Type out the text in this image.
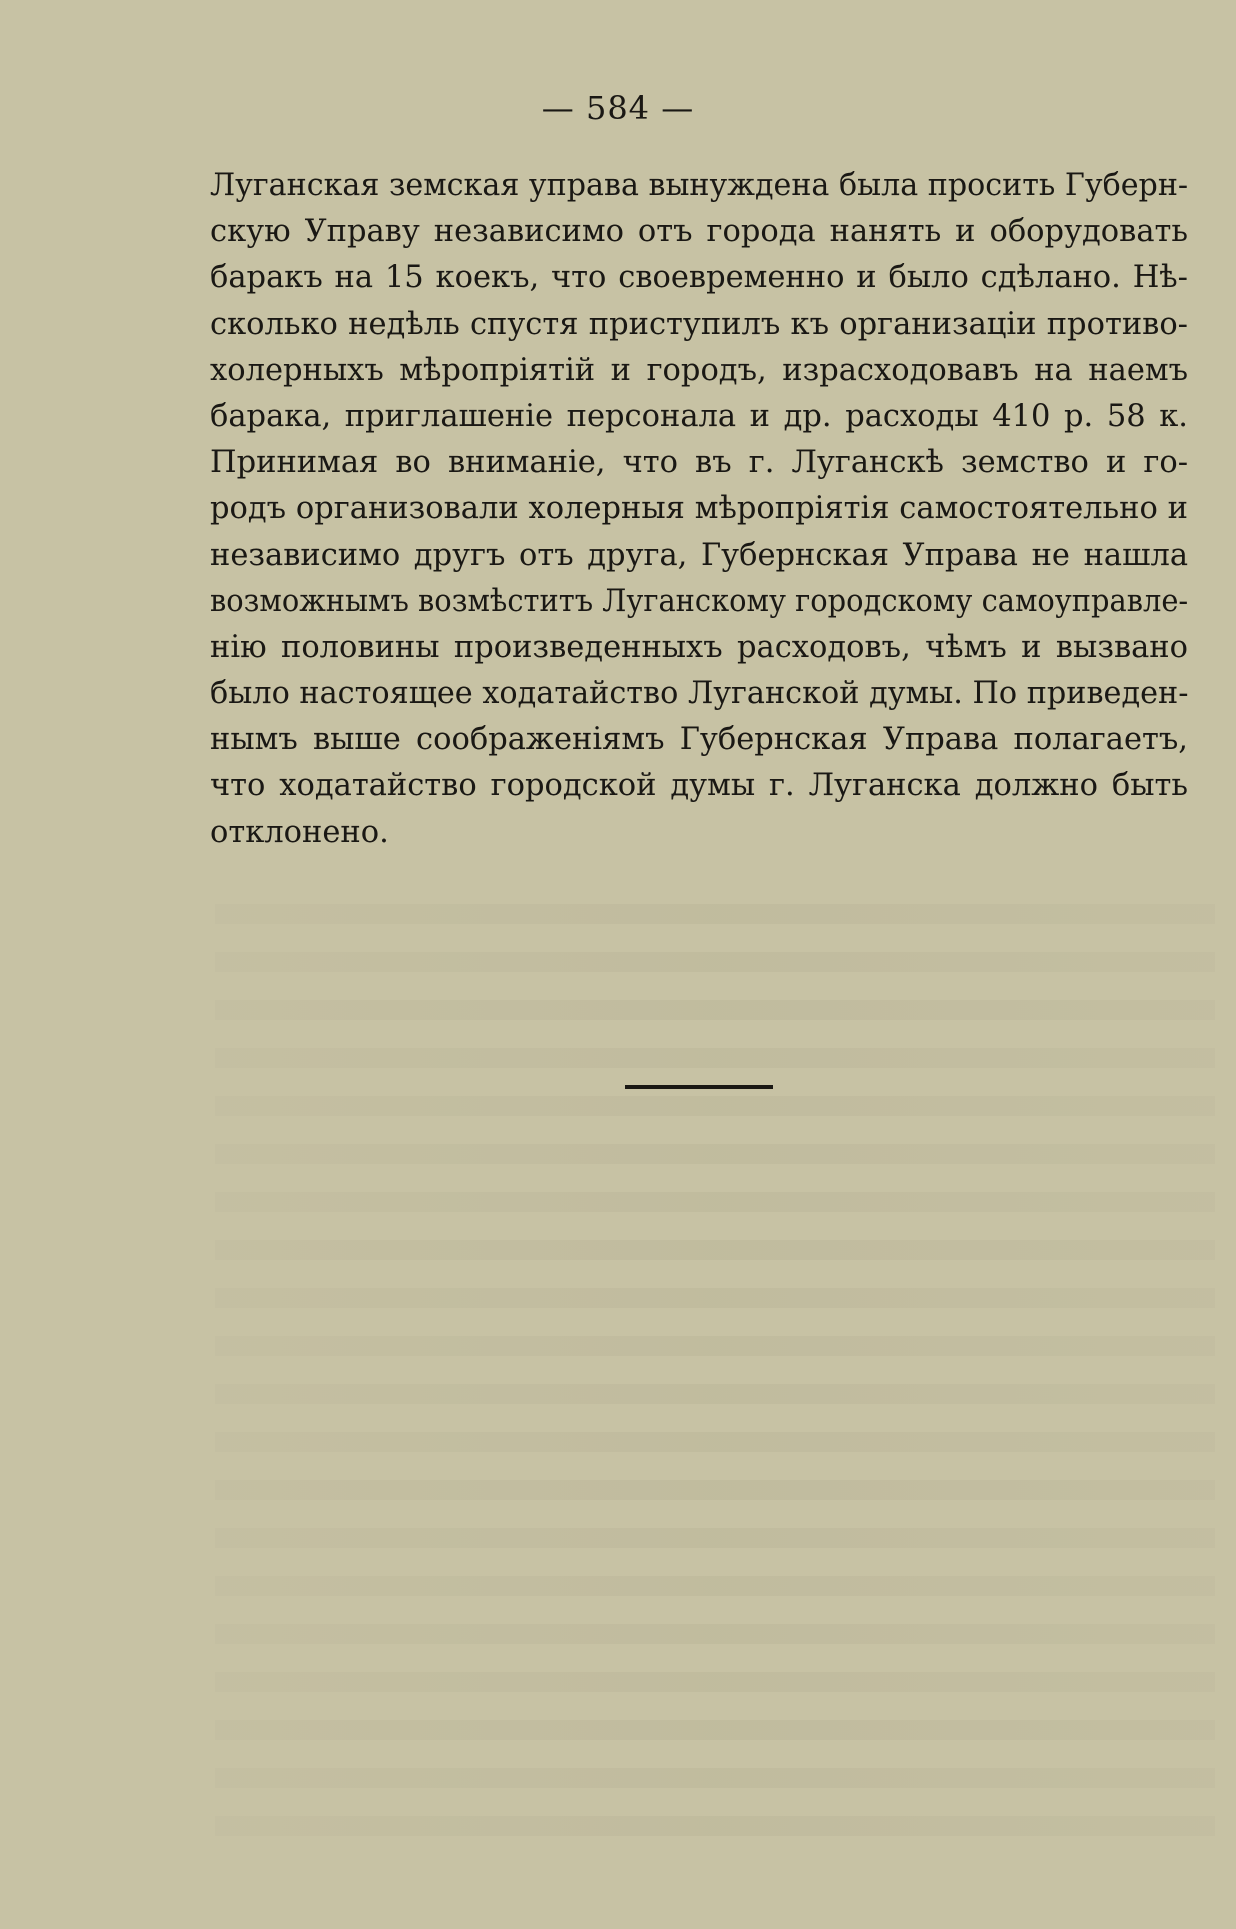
— 584 —
Луганская земская управа вынуждена была просить Губерн-
скую Управу независимо отъ города нанять и оборудовать
баракъ на 15 коекъ, что своевременно и было сдѣлано. Нѣ-
сколько недѣль спустя приступилъ къ организаціи противо-
холерныхъ мѣропріятій и городъ, израсходовавъ на наемъ
барака, приглашеніе персонала и др. расходы 410 р. 58 к.
Принимая во вниманіе, что въ г. Луганскѣ земство и го-
родъ организовали холерныя мѣропріятія самостоятельно и
независимо другъ отъ друга, Губернская Управа не нашла
возможнымъ возмѣститъ Луганскому городскому самоуправле-
нію половины произведенныхъ расходовъ, чѣмъ и вызвано
было настоящее ходатайство Луганской думы. По приведен-
нымъ выше соображеніямъ Губернская Управа полагаетъ,
что ходатайство городской думы г. Луганска должно быть
отклонено.
